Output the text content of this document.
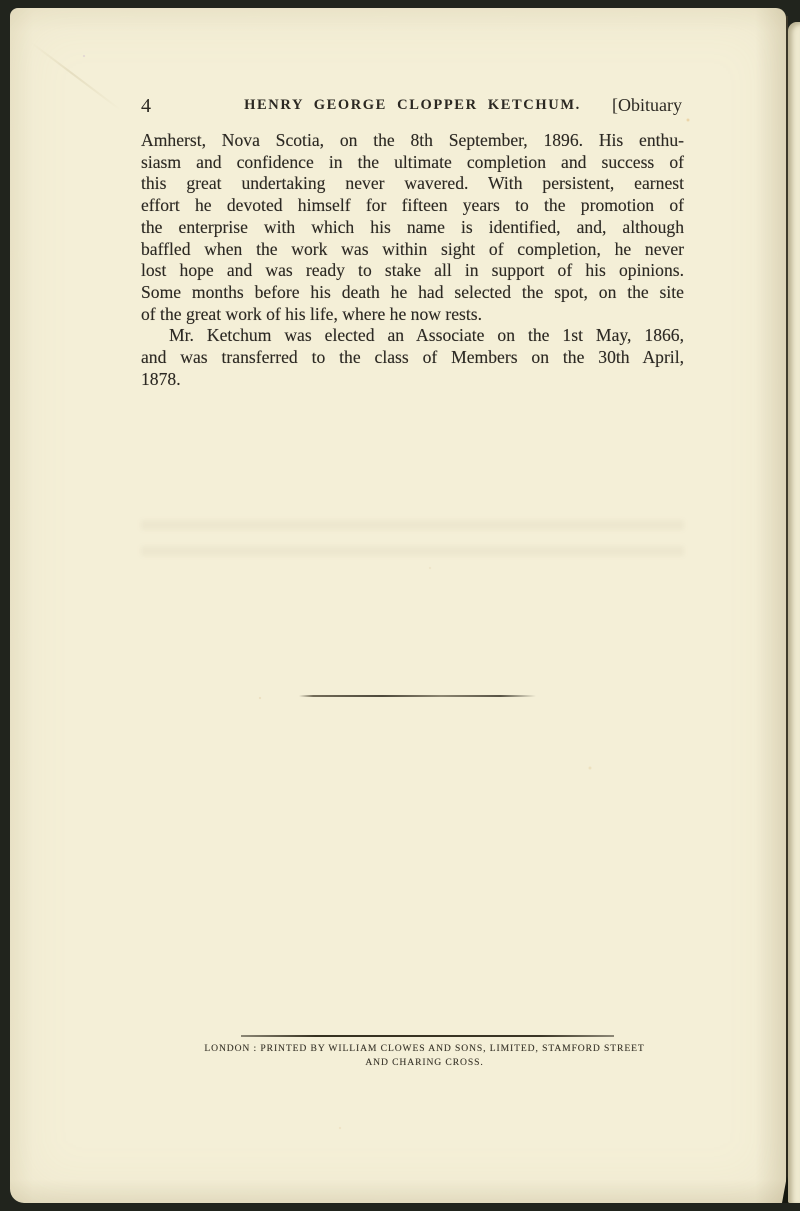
4	HENRY GEORGE CLOPPER KETCHUM. [Obituary
Amherst, Nova Scotia, on the 8th September, 1896. His enthu-
siasm and confidence in the ultimate completion and success of
this great undertaking never wavered. With persistent, earnest
effort he devoted himself for fifteen years to the promotion of
the enterprise with which his name is identified, and, although
baffled when the work was within sight of completion, he never
lost hope and was ready to stake all in support of his opinions.
Some months before his death he had selected the spot, on the site
of the great work of his life, where he now rests.
Mr. Ketchum was elected an Associate on the 1st May, 1866,
and was transferred to the class of Members on the 30th April,
1878.
LONDON : PRINTED BY WILLIAM CLOWES AND SONS, LIMITED, STAMFORD STREET
AND CHARING CROSS.
